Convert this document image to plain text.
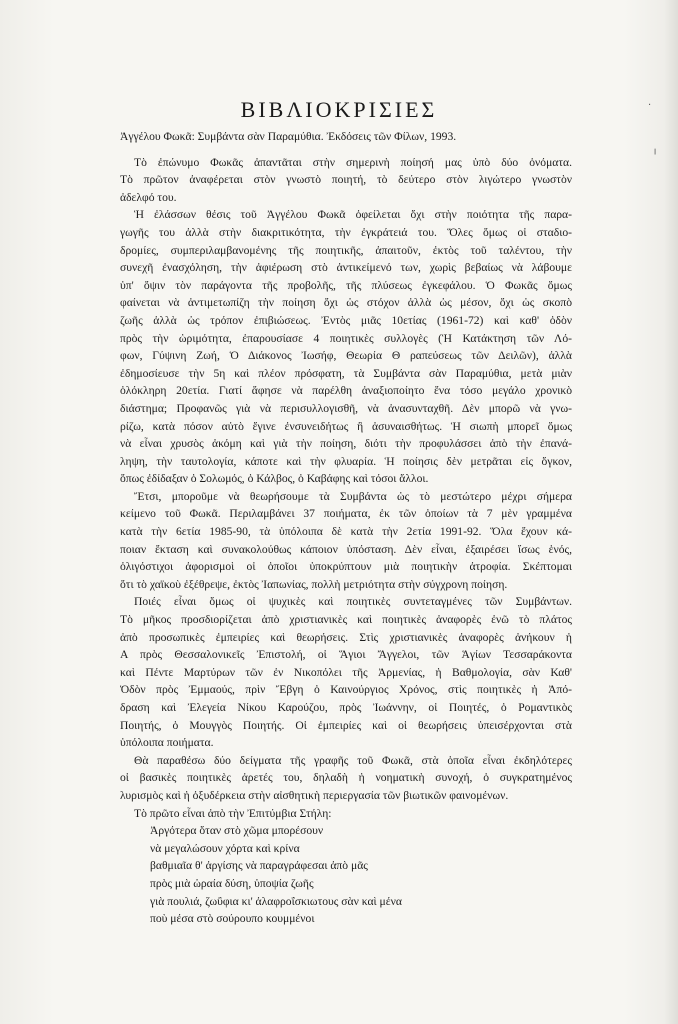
·
╵
ΒΙΒΛΙΟΚΡΙΣΙΕΣ
Ἀγγέλου Φωκᾶ: Συμβάντα σὰν Παραμύθια. Ἐκδόσεις τῶν Φίλων, 1993.
Τὸ ἐπώνυμο Φωκᾶς ἀπαντᾶται στὴν σημερινὴ ποίησή μας ὑπὸ δύο ὀνόματα.
Τὸ πρῶτον ἀναφέρεται στὸν γνωστὸ ποιητή, τὸ δεύτερο στὸν λιγώτερο γνωστὸν
ἀδελφό του.
Ἡ ἐλάσσων θέσις τοῦ Ἀγγέλου Φωκᾶ ὀφείλεται ὄχι στὴν ποιότητα τῆς παρα-
γωγῆς του ἀλλὰ στὴν διακριτικότητα, τὴν ἐγκράτειά του. Ὅλες ὅμως οἱ σταδιο-
δρομίες, συμπεριλαμβανομένης τῆς ποιητικῆς, ἀπαιτοῦν, ἐκτὸς τοῦ ταλέντου, τὴν
συνεχῆ ἐνασχόληση, τὴν ἀφιέρωση στὸ ἀντικείμενό των, χωρὶς βεβαίως νὰ λάβουμε
ὑπ' ὄψιν τὸν παράγοντα τῆς προβολῆς, τῆς πλύσεως ἐγκεφάλου. Ὁ Φωκᾶς ὅμως
φαίνεται νὰ ἀντιμετωπίζη τὴν ποίηση ὄχι ὡς στόχον ἀλλὰ ὡς μέσον, ὄχι ὡς σκοπὸ
ζωῆς ἀλλὰ ὡς τρόπον ἐπιβιώσεως. Ἐντὸς μιᾶς 10ετίας (1961-72) καὶ καθ' ὁδὸν
πρὸς τὴν ὡριμότητα, ἐπαρουσίασε 4 ποιητικὲς συλλογὲς (Ἡ Κατάκτηση τῶν Λό-
φων, Γύψινη Ζωή, Ὁ Διάκονος Ἰωσήφ, Θεωρία Θ ραπεύσεως τῶν Δειλῶν), ἀλλὰ
ἐδημοσίευσε τὴν 5η καὶ πλέον πρόσφατη, τὰ Συμβάντα σὰν Παραμύθια, μετὰ μιὰν
ὁλόκληρη 20ετία. Γιατί ἄφησε νὰ παρέλθη ἀναξιοποίητο ἕνα τόσο μεγάλο χρονικὸ
διάστημα; Προφανῶς γιὰ νὰ περισυλλογισθῆ, νὰ ἀνασυνταχθῆ. Δὲν μπορῶ νὰ γνω-
ρίζω, κατὰ πόσον αὐτὸ ἔγινε ἐνσυνειδήτως ἢ ἀσυναισθήτως. Ἡ σιωπὴ μπορεῖ ὅμως
νὰ εἶναι χρυσὸς ἀκόμη καὶ γιὰ τὴν ποίηση, διότι τὴν προφυλάσσει ἀπὸ τὴν ἐπανά-
ληψη, τὴν ταυτολογία, κάποτε καὶ τὴν φλυαρία. Ἡ ποίησις δὲν μετρᾶται εἰς ὄγκον,
ὅπως ἐδίδαξαν ὁ Σολωμός, ὁ Κάλβος, ὁ Καβάφης καὶ τόσοι ἄλλοι.
Ἔτσι, μποροῦμε νὰ θεωρήσουμε τὰ Συμβάντα ὡς τὸ μεστώτερο μέχρι σήμερα
κείμενο τοῦ Φωκᾶ. Περιλαμβάνει 37 ποιήματα, ἐκ τῶν ὁποίων τὰ 7 μὲν γραμμένα
κατὰ τὴν 6ετία 1985-90, τὰ ὑπόλοιπα δὲ κατὰ τὴν 2ετία 1991-92. Ὅλα ἔχουν κά-
ποιαν ἔκταση καὶ συνακολούθως κάποιον ὑπόσταση. Δὲν εἶναι, ἐξαιρέσει ἴσως ἑνός,
ὀλιγόστιχοι ἀφορισμοὶ οἱ ὁποῖοι ὑποκρύπτουν μιὰ ποιητικὴν ἀτροφία. Σκέπτομαι
ὅτι τὸ χαϊκοὺ ἐξέθρεψε, ἐκτὸς Ἰαπωνίας, πολλὴ μετριότητα στὴν σύγχρονη ποίηση.
Ποιές εἶναι ὅμως οἱ ψυχικὲς καὶ ποιητικὲς συντεταγμένες τῶν Συμβάντων.
Τὸ μῆκος προσδιορίζεται ἀπὸ χριστιανικὲς καὶ ποιητικὲς ἀναφορὲς ἐνῶ τὸ πλάτος
ἀπὸ προσωπικὲς ἐμπειρίες καὶ θεωρήσεις. Στὶς χριστιανικὲς ἀναφορὲς ἀνήκουν ἡ
Α πρὸς Θεσσαλονικεῖς Ἐπιστολή, οἱ Ἅγιοι Ἄγγελοι, τῶν Ἁγίων Τεσσαράκοντα
καὶ Πέντε Μαρτύρων τῶν ἐν Νικοπόλει τῆς Ἀρμενίας, ἡ Βαθμολογία, σὰν Καθ'
Ὁδὸν πρὸς Ἐμμαούς, πρὶν Ἔβγη ὁ Καινούργιος Χρόνος, στὶς ποιητικὲς ἡ Ἀπό-
δραση καὶ Ἐλεγεία Νίκου Καρούζου, πρὸς Ἰωάννην, οἱ Ποιητές, ὁ Ρομαντικὸς
Ποιητής, ὁ Μουγγὸς Ποιητής. Οἱ ἐμπειρίες καὶ οἱ θεωρήσεις ὑπεισέρχονται στὰ
ὑπόλοιπα ποιήματα.
Θὰ παραθέσω δύο δείγματα τῆς γραφῆς τοῦ Φωκᾶ, στὰ ὁποῖα εἶναι ἐκδηλότερες
οἱ βασικὲς ποιητικὲς ἀρετές του, δηλαδὴ ἡ νοηματικὴ συνοχή, ὁ συγκρατημένος
λυρισμὸς καὶ ἡ ὀξυδέρκεια στὴν αἰσθητικὴ περιεργασία τῶν βιωτικῶν φαινομένων.
Τὸ πρῶτο εἶναι ἀπὸ τὴν Ἐπιτύμβια Στήλη:
Ἀργότερα ὅταν στὸ χῶμα μπορέσουν
νὰ μεγαλώσουν χόρτα καὶ κρίνα
βαθμιαῖα θ' ἀργίσης νὰ παραγράφεσαι ἀπὸ μᾶς
πρὸς μιὰ ὡραία δύση, ὑποψία ζωῆς
γιὰ πουλιά, ζωΰφια κι' ἀλαφροΐσκιωτους σὰν καὶ μένα
ποὺ μέσα στὸ σούρουπο κουμμένοι
